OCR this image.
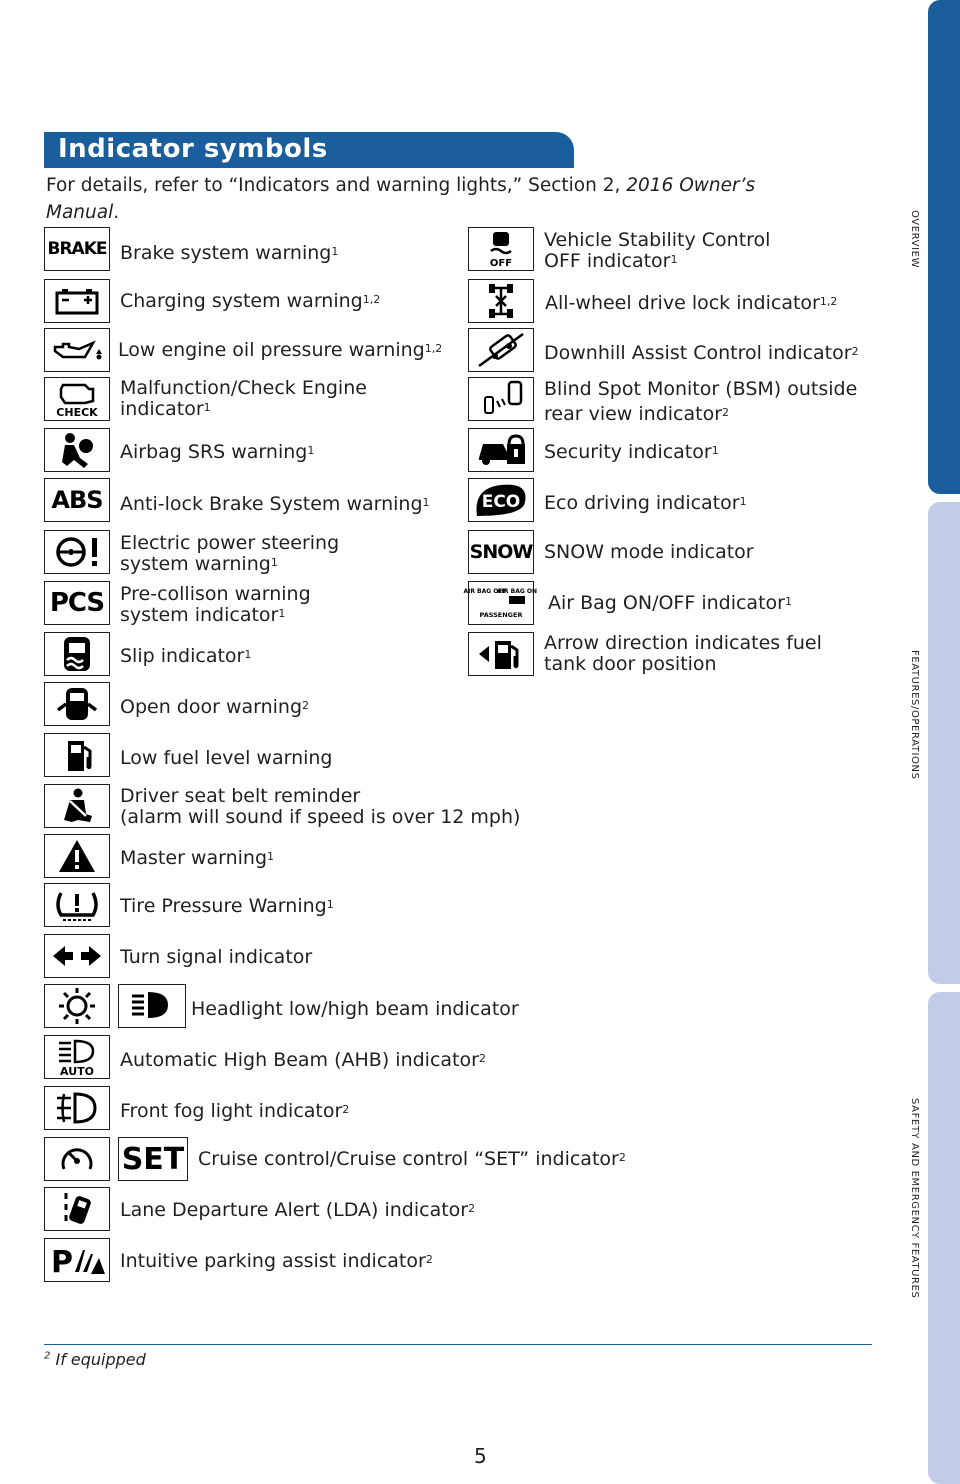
Indicator symbols
For details, refer to “Indicators and warning lights,” Section 2, 2016 Owner’s Manual.
BRAKE Brake system warning$^1$
Charging system warning$^{1,2}$
Low engine oil pressure warning$^{1,2}$
CHECK
Malfunction/Check Engine
indicator$^1$
Airbag SRS warning$^1$
ABS Anti-lock Brake System warning$^1$
Electric power steering
system warning$^1$
PCS Pre-collison warning
system indicator$^1$
Slip indicator$^1$
Open door warning$^2$
Low fuel level warning
Driver seat belt reminder
(alarm will sound if speed is over 12 mph)
Master warning$^1$
Tire Pressure Warning$^1$
Turn signal indicator
Headlight low/high beam indicator
AUTO
Automatic High Beam (AHB) indicator$^2$
Front fog light indicator$^2$
SET Cruise control/Cruise control “SET” indicator$^2$
Lane Departure Alert (LDA) indicator$^2$
P Intuitive parking assist indicator$^2$
OFF
Vehicle Stability Control
OFF indicator$^1$
All-wheel drive lock indicator$^{1,2}$
Downhill Assist Control indicator$^2$
Blind Spot Monitor (BSM) outside
rear view indicator$^2$
Security indicator$^1$
ECO Eco driving indicator$^1$
SNOW SNOW mode indicator
AIR BAG OFF
AIR BAG ON
PASSENGER
Air Bag ON/OFF indicator$^1$
Arrow direction indicates fuel
tank door position
$^2$ If equipped
5
OVERVIEW
FEATURES/OPERATIONS
SAFETY AND EMERGENCY FEATURES
